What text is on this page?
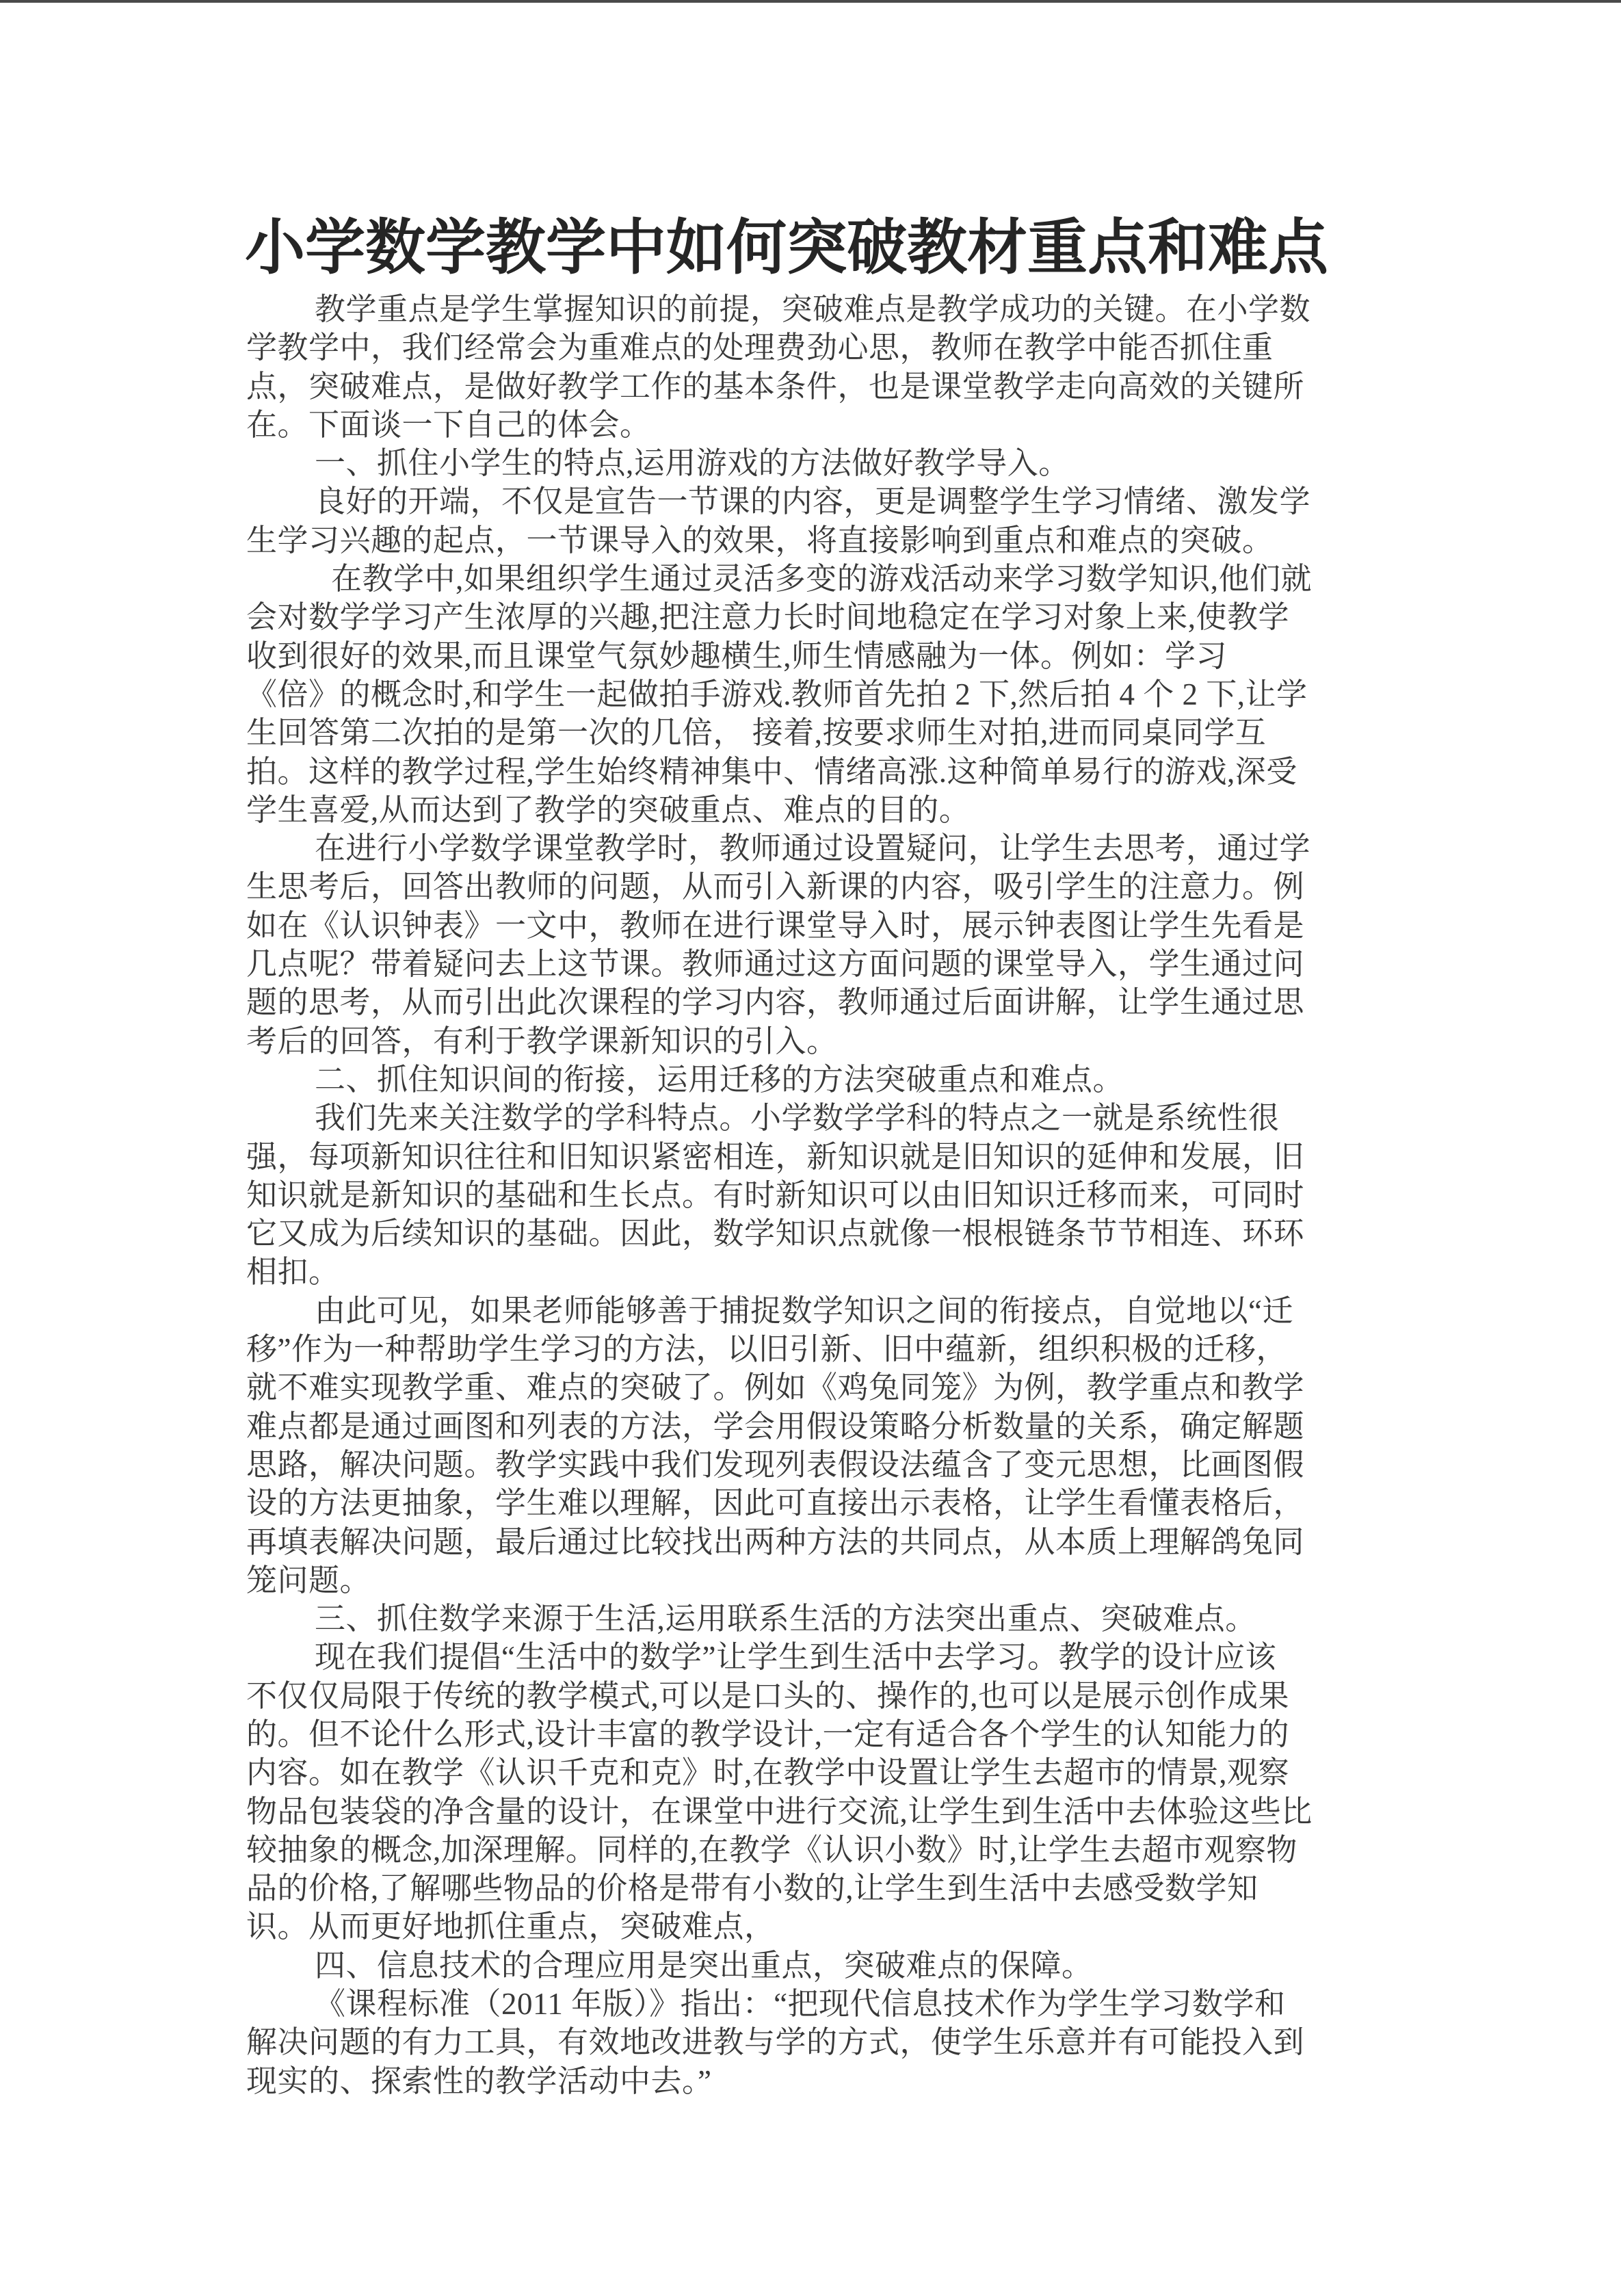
小学数学教学中如何突破教材重点和难点
教学重点是学生掌握知识的前提，突破难点是教学成功的关键。在小学数
学教学中，我们经常会为重难点的处理费劲心思，教师在教学中能否抓住重
点，突破难点，是做好教学工作的基本条件，也是课堂教学走向高效的关键所
在。下面谈一下自己的体会。
一、抓住小学生的特点,运用游戏的方法做好教学导入。
良好的开端，不仅是宣告一节课的内容，更是调整学生学习情绪、激发学
生学习兴趣的起点，一节课导入的效果，将直接影响到重点和难点的突破。
在教学中,如果组织学生通过灵活多变的游戏活动来学习数学知识,他们就
会对数学学习产生浓厚的兴趣,把注意力长时间地稳定在学习对象上来,使教学
收到很好的效果,而且课堂气氛妙趣横生,师生情感融为一体。例如：学习
《倍》的概念时,和学生一起做拍手游戏.教师首先拍 2 下,然后拍 4 个 2 下,让学
生回答第二次拍的是第一次的几倍， 接着,按要求师生对拍,进而同桌同学互
拍。这样的教学过程,学生始终精神集中、情绪高涨.这种简单易行的游戏,深受
学生喜爱,从而达到了教学的突破重点、难点的目的。
在进行小学数学课堂教学时，教师通过设置疑问，让学生去思考，通过学
生思考后，回答出教师的问题，从而引入新课的内容，吸引学生的注意力。例
如在《认识钟表》一文中，教师在进行课堂导入时，展示钟表图让学生先看是
几点呢？带着疑问去上这节课。教师通过这方面问题的课堂导入，学生通过问
题的思考，从而引出此次课程的学习内容，教师通过后面讲解，让学生通过思
考后的回答，有利于教学课新知识的引入。
二、抓住知识间的衔接，运用迁移的方法突破重点和难点。
我们先来关注数学的学科特点。小学数学学科的特点之一就是系统性很
强，每项新知识往往和旧知识紧密相连，新知识就是旧知识的延伸和发展，旧
知识就是新知识的基础和生长点。有时新知识可以由旧知识迁移而来，可同时
它又成为后续知识的基础。因此，数学知识点就像一根根链条节节相连、环环
相扣。
由此可见，如果老师能够善于捕捉数学知识之间的衔接点，自觉地以“迁
移”作为一种帮助学生学习的方法，以旧引新、旧中蕴新，组织积极的迁移，
就不难实现教学重、难点的突破了。例如《鸡兔同笼》为例，教学重点和教学
难点都是通过画图和列表的方法，学会用假设策略分析数量的关系，确定解题
思路，解决问题。教学实践中我们发现列表假设法蕴含了变元思想，比画图假
设的方法更抽象，学生难以理解，因此可直接出示表格，让学生看懂表格后，
再填表解决问题，最后通过比较找出两种方法的共同点，从本质上理解鸽兔同
笼问题。
三、抓住数学来源于生活,运用联系生活的方法突出重点、突破难点。
现在我们提倡“生活中的数学”让学生到生活中去学习。教学的设计应该
不仅仅局限于传统的教学模式,可以是口头的、操作的,也可以是展示创作成果
的。但不论什么形式,设计丰富的教学设计,一定有适合各个学生的认知能力的
内容。如在教学《认识千克和克》时,在教学中设置让学生去超市的情景,观察
物品包装袋的净含量的设计，在课堂中进行交流,让学生到生活中去体验这些比
较抽象的概念,加深理解。同样的,在教学《认识小数》时,让学生去超市观察物
品的价格,了解哪些物品的价格是带有小数的,让学生到生活中去感受数学知
识。从而更好地抓住重点，突破难点，
四、信息技术的合理应用是突出重点，突破难点的保障。
《课程标准（2011 年版）》指出：“把现代信息技术作为学生学习数学和
解决问题的有力工具，有效地改进教与学的方式，使学生乐意并有可能投入到
现实的、探索性的教学活动中去。”
